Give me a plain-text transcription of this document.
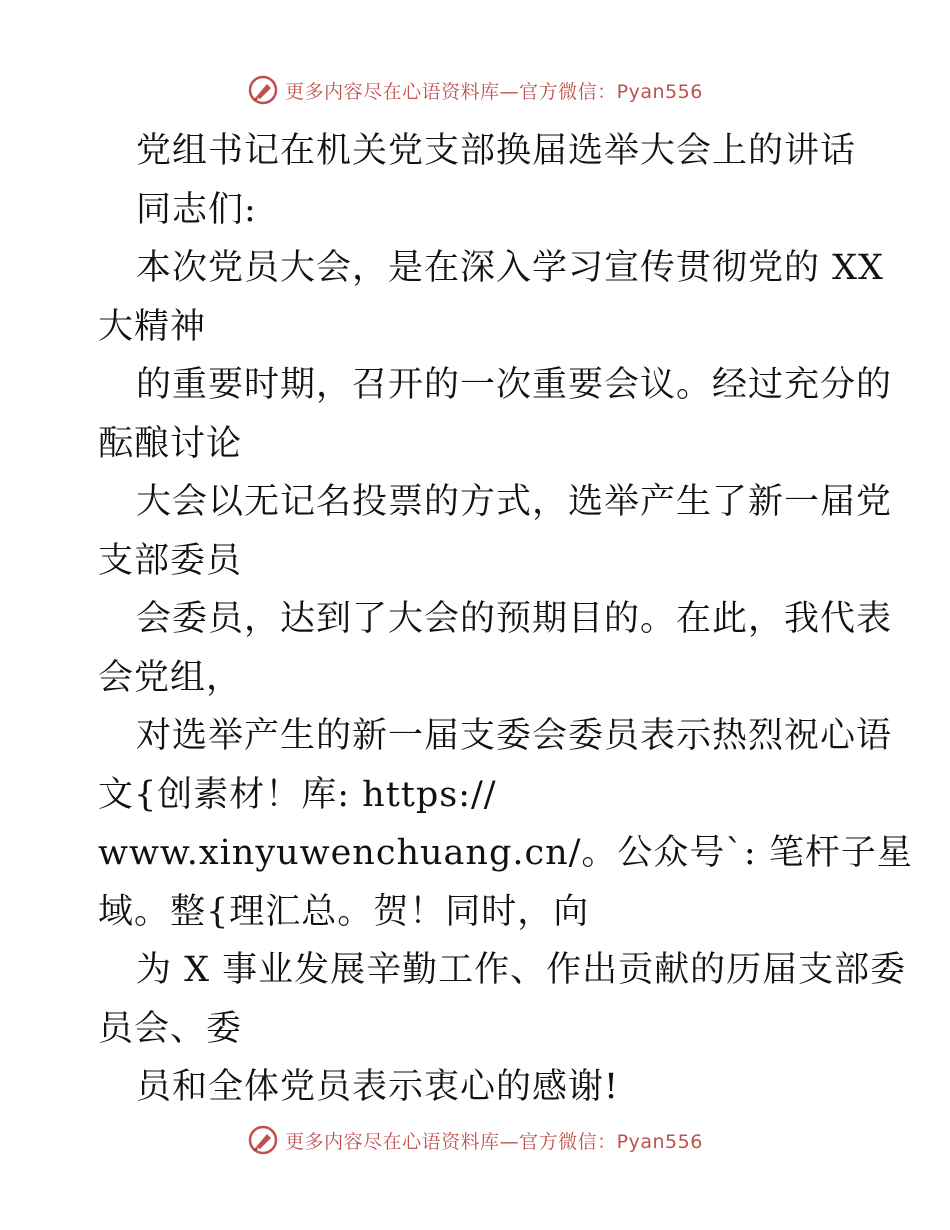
更多内容尽在心语资料库—官方微信：Pyan556
党组书记在机关党支部换届选举大会上的讲话
同志们:
本次党员大会，是在深入学习宣传贯彻党的 XX
大精神
的重要时期，召开的一次重要会议。经过充分的
酝酿讨论
大会以无记名投票的方式，选举产生了新一届党
支部委员
会委员，达到了大会的预期目的。在此，我代表
会党组，
对选举产生的新一届支委会委员表示热烈祝心语
文{创素材！库: https://
www.xinyuwenchuang.cn/。公众号`: 笔杆子星
域。整{理汇总。贺！同时，向
为 X 事业发展辛勤工作、作出贡献的历届支部委
员会、委
员和全体党员表示衷心的感谢!
更多内容尽在心语资料库—官方微信：Pyan556
